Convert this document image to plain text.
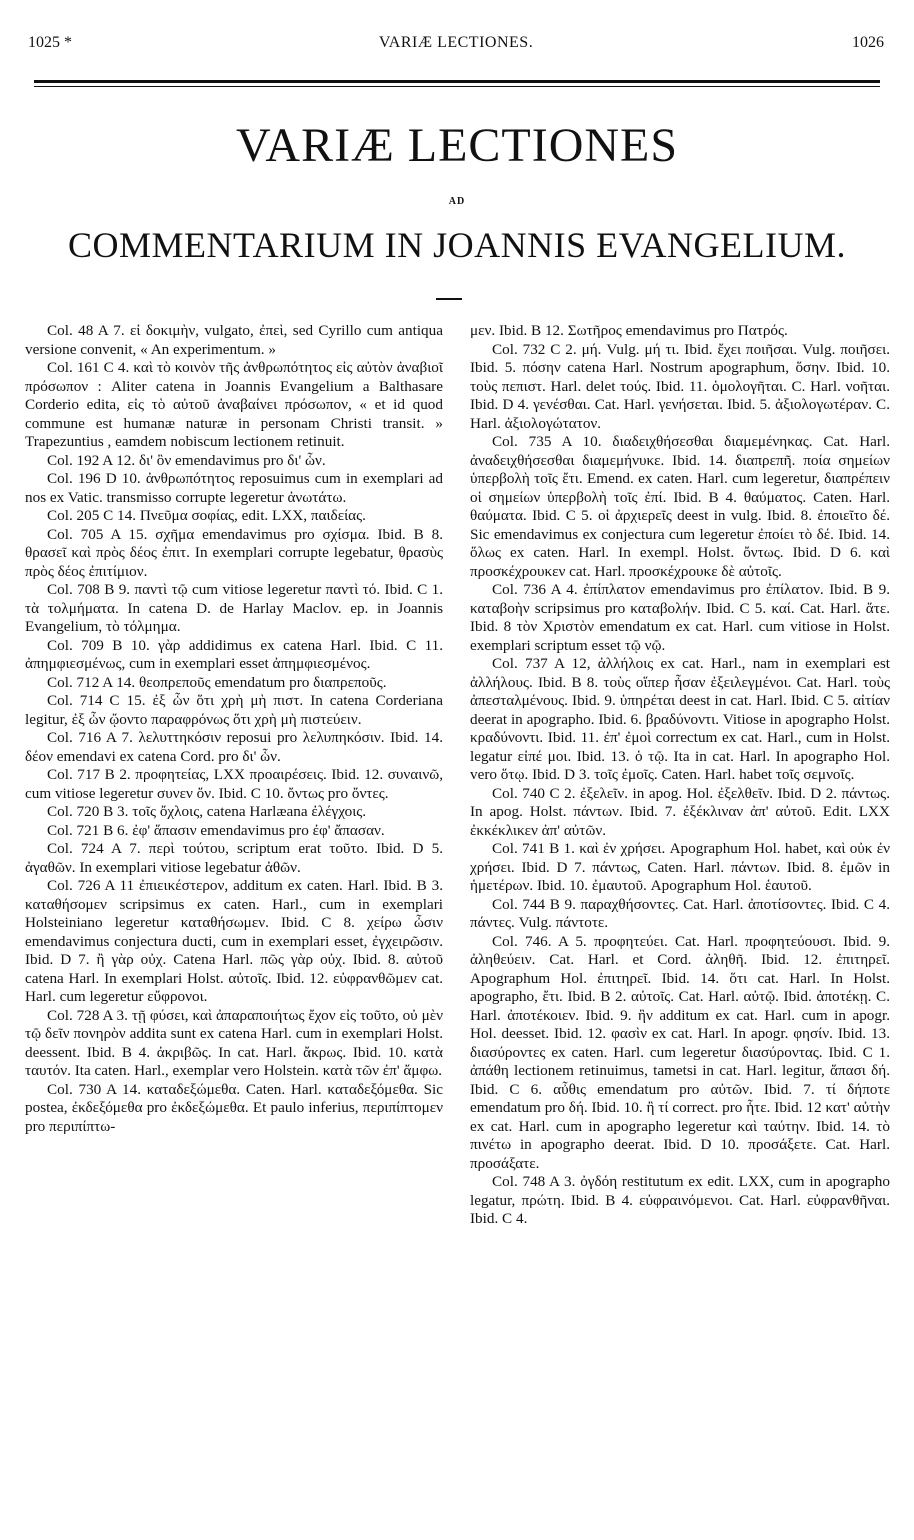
1025 *	VARIÆ LECTIONES.	1026
VARIÆ LECTIONES
AD
COMMENTARIUM IN JOANNIS EVANGELIUM.

Col. 48 A 7. εἰ δοκιμὴν, vulgato, ἐπεὶ, sed Cyrillo cum antiqua versione convenit, « An experimentum. »

Col. 161 C 4. καὶ τὸ κοινὸν τῆς ἀνθρωπότητος εἰς αὐτὸν ἀναβιοῖ πρόσωπον : Aliter catena in Joannis Evangelium a Balthasare Corderio edita, εἰς τὸ αὐτοῦ ἀναβαίνει πρόσωπον, « et id quod commune est humanæ naturæ in personam Christi transit. » Trapezuntius , eamdem nobiscum lectionem retinuit.

Col. 192 A 12. δι' ὃν emendavimus pro δι' ὧν.

Col. 196 D 10. ἀνθρωπότητος reposuimus cum in exemplari ad nos ex Vatic. transmisso corrupte legeretur ἀνωτάτω.

Col. 205 C 14. Πνεῦμα σοφίας, edit. LXX, παιδείας.

Col. 705 A 15. σχῆμα emendavimus pro σχίσμα. Ibid. B 8. θρασεῖ καὶ πρὸς δέος ἐπιτ. In exemplari corrupte legebatur, θρασὺς πρὸς δέος ἐπιτίμιον.

Col. 708 B 9. παντὶ τῷ cum vitiose legeretur παντὶ τό. Ibid. C 1. τὰ τολμήματα. In catena D. de Harlay Maclov. ep. in Joannis Evangelium, τὸ τόλμημα.

Col. 709 B 10. γὰρ addidimus ex catena Harl. Ibid. C 11. ἀπημφιεσμένως, cum in exemplari esset ἀπημφιεσμένος.

Col. 712 A 14. θεοπρεποῦς emendatum pro διαπρεποῦς.

Col. 714 C 15. ἐξ ὧν ὅτι χρὴ μὴ πιστ. In catena Corderiana legitur, ἐξ ὧν ᾤοντο παραφρόνως ὅτι χρὴ μὴ πιστεύειν.

Col. 716 A 7. λελυττηκόσιν reposui pro λελυπηκόσιν. Ibid. 14. δέον emendavi ex catena Cord. pro δι' ὧν.

Col. 717 B 2. προφητείας, LXX προαιρέσεις. Ibid. 12. συναινῶ, cum vitiose legeretur συνεν ὄν. Ibid. C 10. ὄντως pro ὄντες.

Col. 720 B 3. τοῖς ὄχλοις, catena Harlæana ἐλέγχοις.

Col. 721 B 6. ἐφ' ἅπασιν emendavimus pro ἐφ' ἄπασαν.

Col. 724 A 7. περὶ τούτου, scriptum erat τοῦτο. Ibid. D 5. ἀγαθῶν. In exemplari vitiose legebatur ἀθῶν.

Col. 726 A 11 ἐπιεικέστερον, additum ex caten. Harl. Ibid. B 3. καταθήσομεν scripsimus ex caten. Harl., cum in exemplari Holsteiniano legeretur καταθήσωμεν. Ibid. C 8. χείρω ὦσιν emendavimus conjectura ducti, cum in exemplari esset, ἐγχειρῶσιν. Ibid. D 7. ἢ γὰρ οὐχ. Catena Harl. πῶς γὰρ οὐχ. Ibid. 8. αὐτοῦ catena Harl. In exemplari Holst. αὐτοῖς. Ibid. 12. εὐφρανθῶμεν cat. Harl. cum legeretur εὔφρονοι.

Col. 728 A 3. τῇ φύσει, καὶ ἀπαραποιήτως ἔχον εἰς τοῦτο, οὐ μὲν τῷ δεῖν πονηρὸν addita sunt ex catena Harl. cum in exemplari Holst. deessent. Ibid. B 4. ἀκριβῶς. In cat. Harl. ἄκρως. Ibid. 10. κατὰ ταυτόν. Ita caten. Harl., exemplar vero Holstein. κατὰ τῶν ἐπ' ἄμφω.

Col. 730 A 14. καταδεξώμεθα. Caten. Harl. καταδεξόμεθα. Sic postea, ἐκδεξόμεθα pro ἐκδεξώμεθα. Et paulo inferius, περιπίπτομεν pro περιπίπτω-

μεν. Ibid. B 12. Σωτῆρος emendavimus pro Πατρός.

Col. 732 C 2. μή. Vulg. μή τι. Ibid. ἔχει ποιῆσαι. Vulg. ποιῆσει. Ibid. 5. πόσην catena Harl. Nostrum apographum, ὅσην. Ibid. 10. τοὺς πεπιστ. Harl. delet τούς. Ibid. 11. ὁμολογῆται. C. Harl. νοῆται. Ibid. D 4. γενέσθαι. Cat. Harl. γενήσεται. Ibid. 5. ἀξιολογωτέραν. C. Harl. ἀξιολογώτατον.

Col. 735 A 10. διαδειχθήσεσθαι διαμεμένηκας. Cat. Harl. ἀναδειχθήσεσθαι διαμεμήνυκε. Ibid. 14. διαπρεπῆ. ποία σημείων ὑπερβολὴ τοῖς ἔτι. Emend. ex caten. Harl. cum legeretur, διαπρέπειν οἱ σημείων ὑπερβολὴ τοῖς ἐπί. Ibid. B 4. θαύματος. Caten. Harl. θαύματα. Ibid. C 5. οἱ ἀρχιερεῖς deest in vulg. Ibid. 8. ἐποιεῖτο δέ. Sic emendavimus ex conjectura cum legeretur ἐποίει τὸ δέ. Ibid. 14. ὅλως ex caten. Harl. In exempl. Holst. ὄντως. Ibid. D 6. καὶ προσκέχρουκεν cat. Harl. προσκέχρουκε δὲ αὐτοῖς.

Col. 736 A 4. ἐπίπλατον emendavimus pro ἐπίλατον. Ibid. B 9. καταβοὴν scripsimus pro καταβολήν. Ibid. C 5. καί. Cat. Harl. ἅτε. Ibid. 8 τὸν Χριστὸν emendatum ex cat. Harl. cum vitiose in Holst. exemplari scriptum esset τῷ νῷ.

Col. 737 A 12, ἀλλήλοις ex cat. Harl., nam in exemplari est ἀλλήλους. Ibid. B 8. τοὺς οἵπερ ἦσαν ἐξειλεγμένοι. Cat. Harl. τοὺς ἀπεσταλμένους. Ibid. 9. ὑπηρέται deest in cat. Harl. Ibid. C 5. αἰτίαν deerat in apographo. Ibid. 6. βραδύνοντι. Vitiose in apographo Holst. κραδύνοντι. Ibid. 11. ἐπ' ἐμοὶ correctum ex cat. Harl., cum in Holst. legatur εἰπέ μοι. Ibid. 13. ὁ τῷ. Ita in cat. Harl. In apographo Hol. vero ὅτῳ. Ibid. D 3. τοῖς ἐμοῖς. Caten. Harl. habet τοῖς σεμνοῖς.

Col. 740 C 2. ἐξελεῖν. in apog. Hol. ἐξελθεῖν. Ibid. D 2. πάντως. In apog. Holst. πάντων. Ibid. 7. ἐξέκλιναν ἀπ' αὐτοῦ. Edit. LXX ἐκκέκλικεν ἀπ' αὐτῶν.

Col. 741 B 1. καὶ ἐν χρήσει. Apographum Hol. habet, καὶ οὐκ ἐν χρήσει. Ibid. D 7. πάντως, Caten. Harl. πάντων. Ibid. 8. ἐμῶν in ἡμετέρων. Ibid. 10. ἐμαυτοῦ. Apographum Hol. ἑαυτοῦ.

Col. 744 B 9. παραχθήσοντες. Cat. Harl. ἀποτίσοντες. Ibid. C 4. πάντες. Vulg. πάντοτε.

Col. 746. A 5. προφητεύει. Cat. Harl. προφητεύουσι. Ibid. 9. ἀληθεύειν. Cat. Harl. et Cord. ἀληθῆ. Ibid. 12. ἐπιτηρεῖ. Apographum Hol. ἐπιτηρεῖ. Ibid. 14. ὅτι cat. Harl. In Holst. apographo, ἔτι. Ibid. B 2. αὐτοῖς. Cat. Harl. αὐτῷ. Ibid. ἀποτέκῃ. C. Harl. ἀποτέκοιεν. Ibid. 9. ἣν additum ex cat. Harl. cum in apogr. Hol. deesset. Ibid. 12. φασὶν ex cat. Harl. In apogr. φησίν. Ibid. 13. διασύροντες ex caten. Harl. cum legeretur διασύροντας. Ibid. C 1. ἀπάθη lectionem retinuimus, tametsi in cat. Harl. legitur, ἅπασι δή. Ibid. C 6. αὖθις emendatum pro αὐτῶν. Ibid. 7. τί δήποτε emendatum pro δή. Ibid. 10. ἢ τί correct. pro ἧτε. Ibid. 12 κατ' αὐτὴν ex cat. Harl. cum in apographo legeretur καὶ ταύτην. Ibid. 14. τὸ πινέτω in apographo deerat. Ibid. D 10. προσάξετε. Cat. Harl. προσάξατε.

Col. 748 A 3. ὀγδόη restitutum ex edit. LXX, cum in apographo legatur, πρώτη. Ibid. B 4. εὐφραινόμενοι. Cat. Harl. εὐφρανθῆναι. Ibid. C 4.
